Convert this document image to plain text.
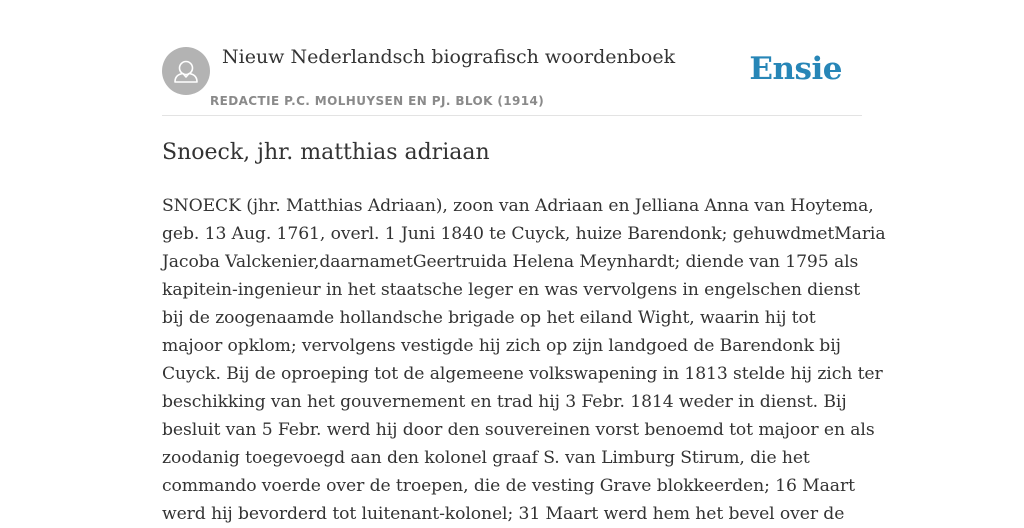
Nieuw Nederlandsch biografisch woordenboek
REDACTIE P.C. MOLHUYSEN EN PJ. BLOK (1914)
Ensie
Snoeck, jhr. matthias adriaan

SNOECK (jhr. Matthias Adriaan), zoon van Adriaan en Jelliana Anna van Hoytema,
geb. 13 Aug. 1761, overl. 1 Juni 1840 te Cuyck, huize Barendonk; gehuwdmetMaria
Jacoba Valckenier,daarnametGeertruida Helena Meynhardt; diende van 1795 als
kapitein-ingenieur in het staatsche leger en was vervolgens in engelschen dienst
bij de zoogenaamde hollandsche brigade op het eiland Wight, waarin hij tot
majoor opklom; vervolgens vestigde hij zich op zijn landgoed de Barendonk bij
Cuyck. Bij de oproeping tot de algemeene volkswapening in 1813 stelde hij zich ter
beschikking van het gouvernement en trad hij 3 Febr. 1814 weder in dienst. Bij
besluit van 5 Febr. werd hij door den souvereinen vorst benoemd tot majoor en als
zoodanig toegevoegd aan den kolonel graaf S. van Limburg Stirum, die het
commando voerde over de troepen, die de vesting Grave blokkeerden; 16 Maart
werd hij bevorderd tot luitenant-kolonel; 31 Maart werd hem het bevel over de
